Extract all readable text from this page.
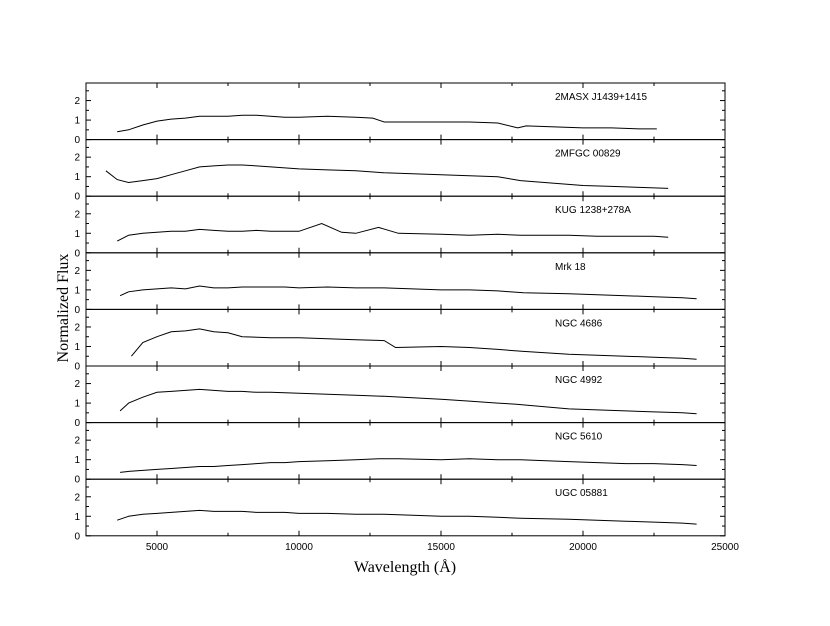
0
1
2	2MASX J1439+1415
0
1
2	2MFGC 00829
0
1
2	KUG 1238+278A
0
1
2	Mrk 18
0
1
2	NGC 4686
0
1
2	NGC 4992
0
1
2	NGC 5610
0
1
2	UGC 05881
5000	10000	15000	20000	25000
Wavelength (Å)
Normalized Flux
